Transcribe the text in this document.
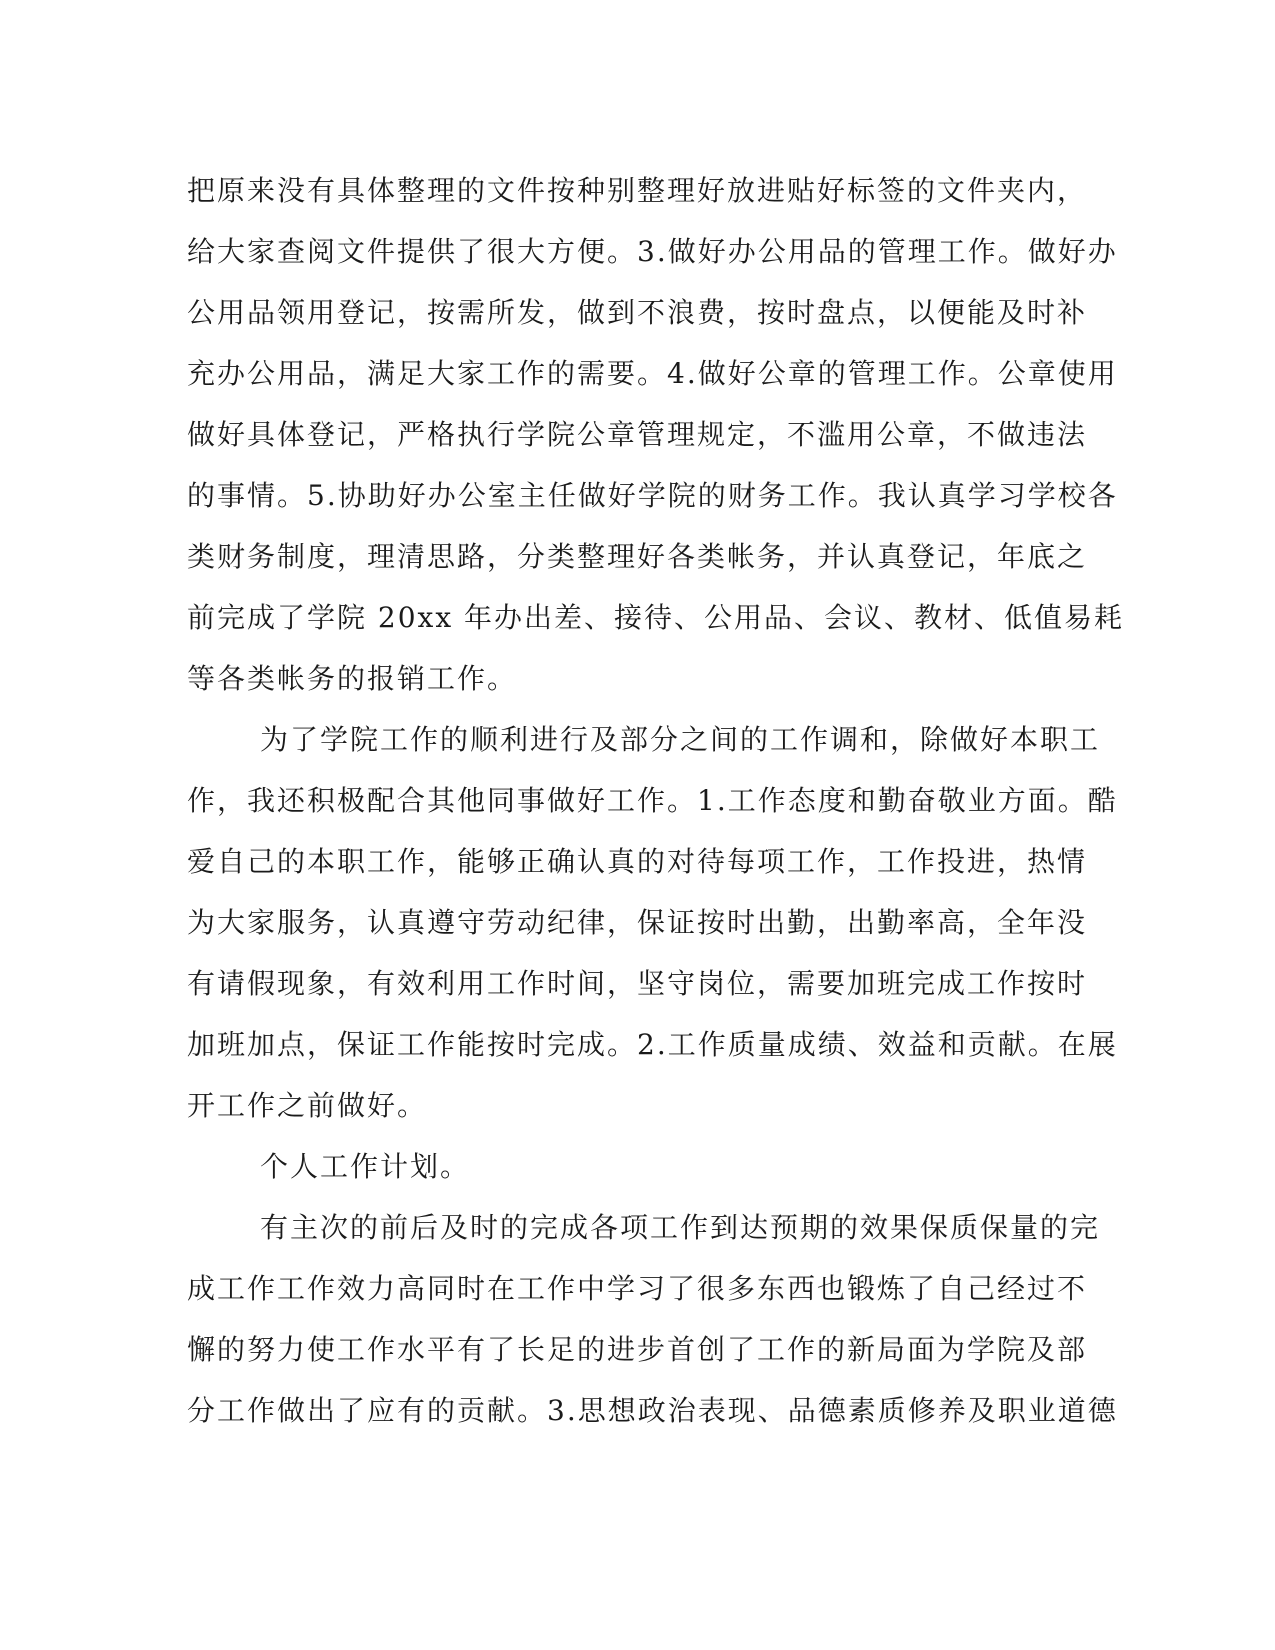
把原来没有具体整理的文件按种别整理好放进贴好标签的文件夹内，
给大家查阅文件提供了很大方便。3.做好办公用品的管理工作。做好办
公用品领用登记，按需所发，做到不浪费，按时盘点，以便能及时补
充办公用品，满足大家工作的需要。4.做好公章的管理工作。公章使用
做好具体登记，严格执行学院公章管理规定，不滥用公章，不做违法
的事情。5.协助好办公室主任做好学院的财务工作。我认真学习学校各
类财务制度，理清思路，分类整理好各类帐务，并认真登记，年底之
前完成了学院 20xx 年办出差、接待、公用品、会议、教材、低值易耗
等各类帐务的报销工作。
为了学院工作的顺利进行及部分之间的工作调和，除做好本职工
作，我还积极配合其他同事做好工作。1.工作态度和勤奋敬业方面。酷
爱自己的本职工作，能够正确认真的对待每项工作，工作投进，热情
为大家服务，认真遵守劳动纪律，保证按时出勤，出勤率高，全年没
有请假现象，有效利用工作时间，坚守岗位，需要加班完成工作按时
加班加点，保证工作能按时完成。2.工作质量成绩、效益和贡献。在展
开工作之前做好。
个人工作计划。
有主次的前后及时的完成各项工作到达预期的效果保质保量的完
成工作工作效力高同时在工作中学习了很多东西也锻炼了自己经过不
懈的努力使工作水平有了长足的进步首创了工作的新局面为学院及部
分工作做出了应有的贡献。3.思想政治表现、品德素质修养及职业道德
